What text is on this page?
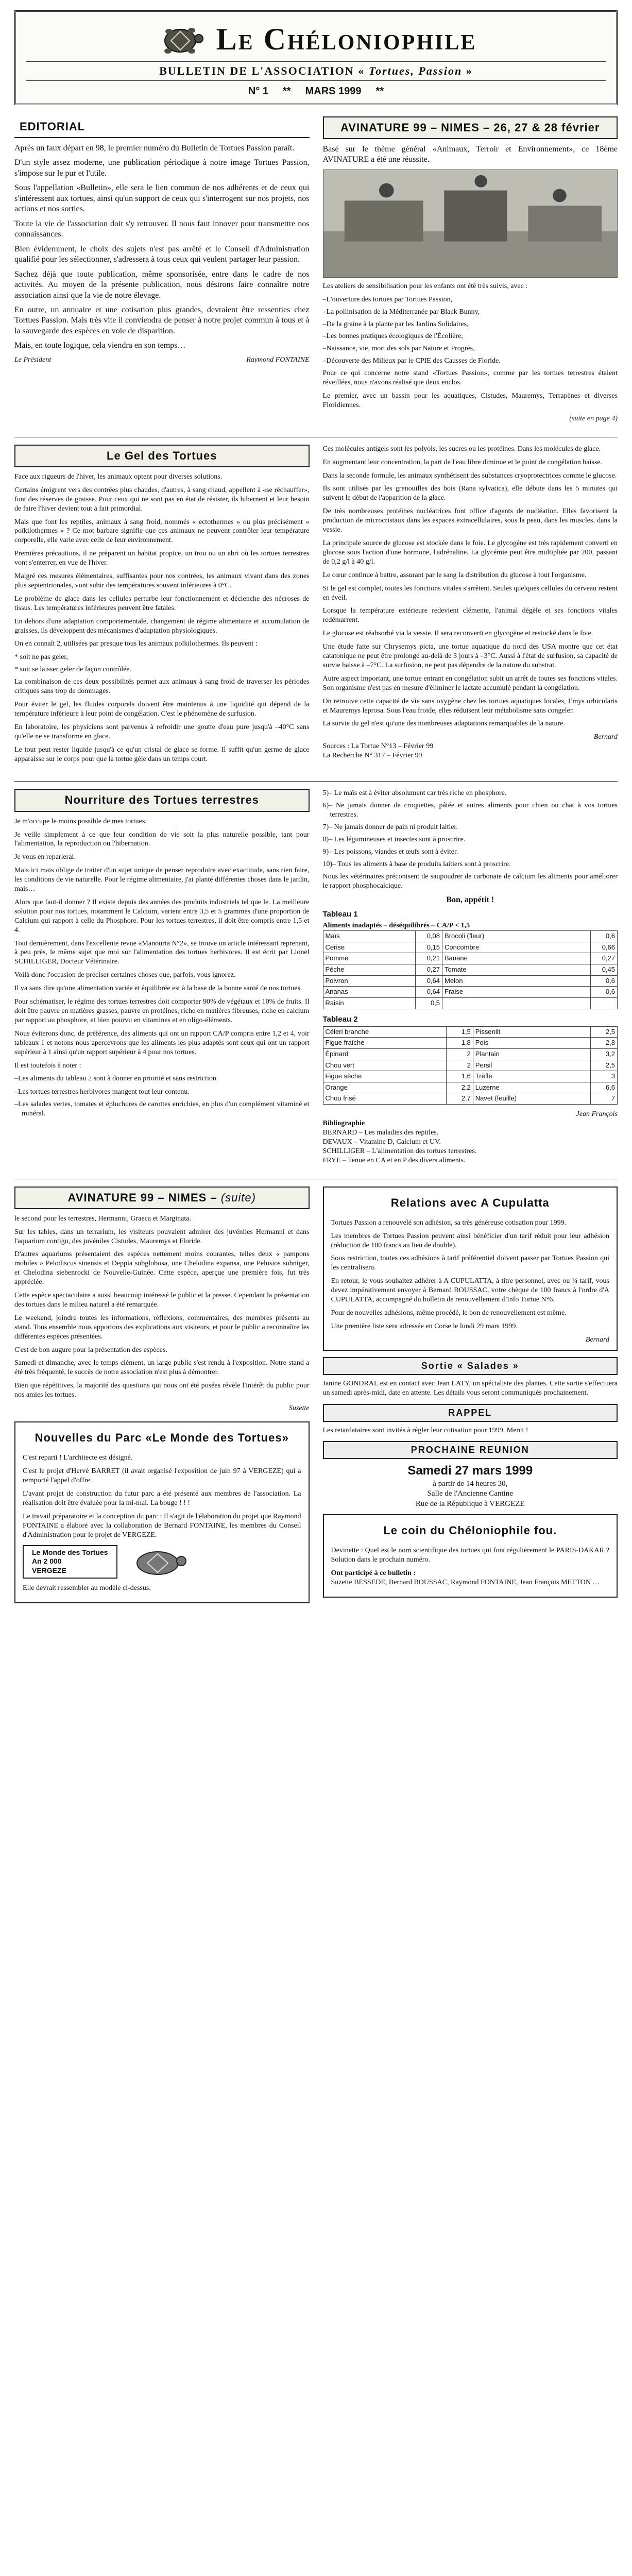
Le Chéloniophile
BULLETIN DE L'ASSOCIATION « Tortues, Passion »
N° 1 ** MARS 1999 **
EDITORIAL

Après un faux départ en 98, le premier numéro du Bulletin de Tortues Passion paraît.

D'un style assez moderne, une publication périodique à notre image Tortues Passion, s'impose sur le pur et l'utile.

Sous l'appellation «Bulletin», elle sera le lien commun de nos adhérents et de ceux qui s'intéressent aux tortues, ainsi qu'un support de ceux qui s'interrogent sur nos projets, nos actions et nos sorties.

Toute la vie de l'association doit s'y retrouver. Il nous faut innover pour transmettre nos connaissances.

Bien évidemment, le choix des sujets n'est pas arrêté et le Conseil d'Administration qualifié pour les sélectionner, s'adressera à tous ceux qui veulent partager leur passion.

Sachez déjà que toute publication, même sponsorisée, entre dans le cadre de nos activités. Au moyen de la présente publication, nous désirons faire connaître notre association ainsi que la vie de notre élevage.

En outre, un annuaire et une cotisation plus grandes, devraient être ressenties chez Tortues Passion. Mais très vite il conviendra de penser à notre projet commun à tous et à la sauvegarde des espèces en voie de disparition.

Mais, en toute logique, cela viendra en son temps…

Le Président	Raymond FONTAINE
AVINATURE 99 – NIMES – 26, 27 & 28 février

Basé sur le thème général «Animaux, Terroir et Environnement», ce 18ème AVINATURE a été une réussite.

Les ateliers de sensibilisation pour les enfants ont été très suivis, avec :

–L'ouverture des tortues par Tortues Passion,

–La pollinisation de la Méditerranée par Black Bunny,

–De la graine à la plante par les Jardins Solidaires,

–Les bonnes pratiques écologiques de l'Écolière,

–Naissance, vie, mort des sols par Nature et Progrès,

–Découverte des Milieux par le CPIE des Causses de Floride.

Pour ce qui concerne notre stand «Tortues Passion», comme par les tortues terrestres étaient réveillées, nous n'avons réalisé que deux enclos.

Le premier, avec un bassin pour les aquatiques, Cistudes, Mauremys, Terrapènes et diverses Floridiennes.

(suite en page 4)
Le Gel des Tortues

Face aux rigueurs de l'hiver, les animaux optent pour diverses solutions.

Certains émigrent vers des contrées plus chaudes, d'autres, à sang chaud, appellent à «se réchauffer», font des réserves de graisse. Pour ceux qui ne sont pas en état de résister, ils hibernent et leur besoin de faire l'hiver devient tout à fait primordial.

Mais que font les reptiles, animaux à sang froid, nommés « ectothermes » ou plus précisément « poïkilothermes » ? Ce mot barbare signifie que ces animaux ne peuvent contrôler leur température corporelle, elle varie avec celle de leur environnement.

Premières précautions, il ne préparent un habitat propice, un trou ou un abri où les tortues terrestres vont s'enterrer, en vue de l'hiver.

Malgré ces mesures élémentaires, suffisantes pour nos contrées, les animaux vivant dans des zones plus septentrionales, vont subir des températures souvent inférieures à 0°C.

Le problème de glace dans les cellules perturbe leur fonctionnement et déclenche des nécroses de tissus. Les températures inférieures peuvent être fatales.

En dehors d'une adaptation comportementale, changement de régime alimentaire et accumulation de graisses, ils développent des mécanismes d'adaptation physiologiques.

On en connaît 2, utilisées par presque tous les animaux poïkilothermes. Ils peuvent :

* soit ne pas geler,

* soit se laisser geler de façon contrôlée.

La combinaison de ces deux possibilités permet aux animaux à sang froid de traverser les périodes critiques sans trop de dommages.

Pour éviter le gel, les fluides corporels doivent être maintenus à une liquidité qui dépend de la température inférieure à leur point de congélation. C'est le phénomène de surfusion.

En laboratoire, les physiciens sont parvenus à refroidir une goutte d'eau pure jusqu'à –40°C sans qu'elle ne se transforme en glace.

Le tout peut rester liquide jusqu'à ce qu'un cristal de glace se forme. Il suffit qu'un germe de glace apparaisse sur le corps pour que la tortue gèle dans un temps court.

Ces molécules antigels sont les polyols, les sucres ou les protéines. Dans les molécules de glace.

En augmentant leur concentration, la part de l'eau libre diminue et le point de congélation baisse.

Dans la seconde formule, les animaux synthétisent des substances cryoprotectrices comme le glucose.

Ils sont utilisés par les grenouilles des bois (Rana sylvatica), elle débute dans les 5 minutes qui suivent le début de l'apparition de la glace.

De très nombreuses protéines nucléatrices font office d'agents de nucléation. Elles favorisent la production de microcristaux dans les espaces extracellulaires, sous la peau, dans les muscles, dans la vessie.

La principale source de glucose est stockée dans le foie. Le glycogène est très rapidement converti en glucose sous l'action d'une hormone, l'adrénaline. La glycémie peut être multipliée par 200, passant de 0,2 g/l à 40 g/l.

Le cœur continue à battre, assurant par le sang la distribution du glucose à tout l'organisme.

Si le gel est complet, toutes les fonctions vitales s'arrêtent. Seules quelques cellules du cerveau restent en éveil.

Lorsque la température extérieure redevient clémente, l'animal dégèle et ses fonctions vitales redémarrent.

Le glucose est réabsorbé via la vessie. Il sera reconverti en glycogène et restocké dans le foie.

Une étude faite sur Chrysemys picta, une tortue aquatique du nord des USA montre que cet état catatonique ne peut être prolongé au-delà de 3 jours à –3°C. Aussi à l'état de surfusion, sa capacité de survie baisse à –7°C. La surfusion, ne peut pas dépendre de la nature du substrat.

Autre aspect important, une tortue entrant en congélation subit un arrêt de toutes ses fonctions vitales. Son organisme n'est pas en mesure d'éliminer le lactate accumulé pendant la congélation.

On retrouve cette capacité de vie sans oxygène chez les tortues aquatiques locales, Emys orbicularis et Mauremys leprosa. Sous l'eau froide, elles réduisent leur métabolisme sans congeler.

La survie du gel n'est qu'une des nombreuses adaptations remarquables de la nature.

Bernard
Sources : La Tortue N°13 – Février 99
La Recherche N° 317 – Février 99
Nourriture des Tortues terrestres

Je m'occupe le moins possible de mes tortues.

Je veille simplement à ce que leur condition de vie soit la plus naturelle possible, tant pour l'alimentation, la reproduction ou l'hibernation.

Je vous en reparlerai.

Mais ici mais oblige de traiter d'un sujet unique de penser reproduire avec exactitude, sans rien faire, les conditions de vie naturelle. Pour le régime alimentaire, j'ai planté différentes choses dans le jardin, mais…

Alors que faut-il donner ? Il existe depuis des années des produits industriels tel que le. La meilleure solution pour nos tortues, notamment le Calcium, varient entre 3,5 et 5 grammes d'une proportion de Calcium qui rapport à celle du Phosphore. Pour les tortues terrestres, il doit être compris entre 1,5 et 4.

Tout dernièrement, dans l'excellente revue «Manouria N°2», se trouve un article intéressant reprenant, à peu près, le même sujet que moi sur l'alimentation des tortues herbivores. Il est écrit par Lionel SCHILLIGER, Docteur Vétérinaire.

Voilà donc l'occasion de préciser certaines choses que, parfois, vous ignorez.

Il va sans dire qu'une alimentation variée et équilibrée est à la base de la bonne santé de nos tortues.

Pour schématiser, le régime des tortues terrestres doit comporter 90% de végétaux et 10% de fruits. Il doit être pauvre en matières grasses, pauvre en protéines, riche en matières fibreuses, riche en calcium par rapport au phosphore, et bien pourvu en vitamines et en oligo-éléments.

Nous éviterons donc, de préférence, des aliments qui ont un rapport CA/P compris entre 1,2 et 4, voir tableaux 1 et notons nous apercevrons que les aliments les plus adaptés sont ceux qui ont un rapport supérieur à 1 ainsi qu'un rapport supérieur à 4 pour nos tortues.

Il est toutefois à noter :

–Les aliments du tableau 2 sont à donner en priorité et sans restriction.

–Les tortues terrestres herbivores mangent tout leur contenu.

–Les salades vertes, tomates et épluchures de carottes enrichies, en plus d'un complément vitaminé et minéral.

5)– Le maïs est à éviter absolument car très riche en phosphore.

6)– Ne jamais donner de croquettes, pâtée et autres aliments pour chien ou chat à vos tortues terrestres.

7)– Ne jamais donner de pain ni produit laitier.

8)– Les légumineuses et insectes sont à proscrire.

9)– Les poissons, viandes et œufs sont à éviter.

10)– Tous les aliments à base de produits laitiers sont à proscrire.

Nous les vétérinaires préconisent de saupoudrer de carbonate de calcium les aliments pour améliorer le rapport phosphocalcique.

Bon, appétit !
Tableau 1
Aliments inadaptés – déséquilibrés – CA/P < 1,5
Maïs	0,08	Brocoli (fleur)	0,6
Cerise	0,15	Concombre	0,66
Pomme	0,21	Banane	0,27
Pêche	0,27	Tomate	0,45
Poivron	0,64	Melon	0,6
Ananas	0,64	Fraise	0,6
Raisin	0,5		
Tableau 2
Céleri branche	1,5	Pissenlit	2,5
Figue fraîche	1,8	Pois	2,8
Épinard	2	Plantain	3,2
Chou vert	2	Persil	2,5
Figue sèche	1,6	Trèfle	3
Orange	2,2	Luzerne	6,6
Chou frisé	2,7	Navet (feuille)	7
Jean François
Bibliographie
BERNARD – Les maladies des reptiles.
DEVAUX – Vitamine D, Calcium et UV.
SCHILLIGER – L'alimentation des tortues terrestres.
FRYE – Tenue en CA et en P des divers aliments.
AVINATURE 99 – NIMES – (suite)

le second pour les terrestres, Hermanni, Graeca et Marginata.

Sur les tables, dans un terrarium, les visiteurs pouvaient admirer des juvéniles Hermanni et dans l'aquarium contigu, des juvéniles Cistudes, Mauremys et Floride.

D'autres aquariums présentaient des espèces nettement moins courantes, telles deux « pampons mobiles » Pelodiscus sinensis et Deppia subglobosa, une Chelodina expansa, une Pelusios subniger, et Chelodina siebenrocki de Nouvelle-Guinée. Cette espèce, aperçue une première fois, fut très appréciée.

Cette espèce spectaculaire a aussi beaucoup intéressé le public et la presse. Cependant la présentation des tortues dans le milieu naturel a été remarquée.

Le weekend, joindre toutes les informations, réflexions, commentaires, des membres présents au stand. Tous ensemble nous apportons des explications aux visiteurs, et pour le public a reconnaître les différentes espèces présentées.

C'est de bon augure pour la présentation des espèces.

Samedi et dimanche, avec le temps clément, un large public s'est rendu à l'exposition. Notre stand a été très fréquenté, le succès de notre association n'est plus à démontrer.

Bien que répétitives, la majorité des questions qui nous ont été posées révèle l'intérêt du public pour nos amies les tortues.

Suzette
Nouvelles du Parc «Le Monde des Tortues»

C'est reparti ! L'architecte est désigné.

C'est le projet d'Hervé BARRET (il avait organisé l'exposition de juin 97 à VERGEZE) qui a remporté l'appel d'offre.

L'avant projet de construction du futur parc a été présenté aux membres de l'association. La réalisation doit être évaluée pour la mi-mai. La bouge ! ! !

Le travail préparatoire et la conception du parc : Il s'agit de l'élaboration du projet que Raymond FONTAINE a élaboré avec la collaboration de Bernard FONTAINE, les membres du Conseil d'Administration pour le projet de VERGEZE.

Le Monde des Tortues
An 2 000
VERGEZE

Elle devrait ressembler au modèle ci-dessus.

Relations avec A Cupulatta

Tortues Passion a renouvelé son adhésion, sa très généreuse cotisation pour 1999.

Les membres de Tortues Passion peuvent ainsi bénéficier d'un tarif réduit pour leur adhésion (réduction de 100 francs au lieu de double).

Sous restriction, toutes ces adhésions à tarif préférentiel doivent passer par Tortues Passion qui les centralisera.

En retour, le vous souhaitez adhérer à A CUPULATTA, à titre personnel, avec ou ¼ tarif, vous devez impérativement envoyer à Bernard BOUSSAC, votre chèque de 100 francs à l'ordre d'A CUPULATTA, accompagné du bulletin de renouvellement d'Info Tortue N°6.

Pour de nouvelles adhésions, même procédé, le bon de renouvellement est même.

Une première liste sera adressée en Corse le lundi 29 mars 1999.

Bernard
Sortie « Salades »

Janine GONDRAL est en contact avec Jean LATY, un spécialiste des plantes. Cette sortie s'effectuera un samedi après-midi, date en attente. Les détails vous seront communiqués prochainement.

RAPPEL

Les retardataires sont invités à régler leur cotisation pour 1999. Merci !

PROCHAINE REUNION
Samedi 27 mars 1999
à partir de 14 heures 30,
Salle de l'Ancienne Cantine
Rue de la République à VERGEZE
Le coin du Chéloniophile fou.

Devinette : Quel est le nom scientifique des tortues qui font régulièrement le PARIS-DAKAR ? Solution dans le prochain numéro.

Ont participé à ce bulletin :

Suzette BESSEDE, Bernard BOUSSAC, Raymond FONTAINE, Jean François METTON …
